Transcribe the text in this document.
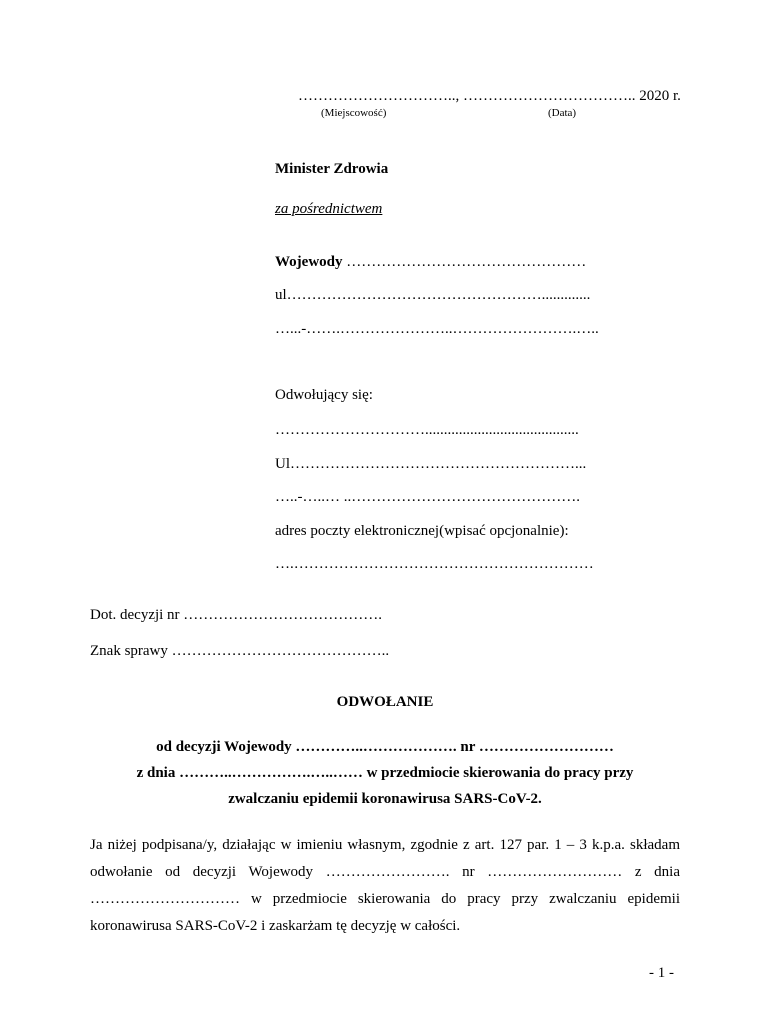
………………………….., …………………………….. 2020 r.
(Miejscowość)	(Data)
Minister Zdrowia
za pośrednictwem
Wojewody …………………………………………
ul…………………………………………….............
…...-…….…………………..…………………….…..
Odwołujący się:
………………………….........................................
Ul…………………………………………………...
…..-…..… ..……………………………………….
adres poczty elektronicznej(wpisać opcjonalnie):
….……………………………………………………
Dot. decyzji nr ………………………………….
Znak sprawy ……………………………………..
ODWOŁANIE
od decyzji Wojewody …………..………………. nr ………………………
z dnia ………..…………….…..…… w przedmiocie skierowania do pracy przy
zwalczaniu epidemii koronawirusa SARS-CoV-2.

Ja niżej podpisana/y, działając w imieniu własnym, zgodnie z art. 127 par. 1 – 3 k.p.a. składam odwołanie od decyzji Wojewody ……………………. nr ……………………… z dnia ………………………… w przedmiocie skierowania do pracy przy zwalczaniu epidemii koronawirusa SARS-CoV-2 i zaskarżam tę decyzję w całości.

- 1 -
